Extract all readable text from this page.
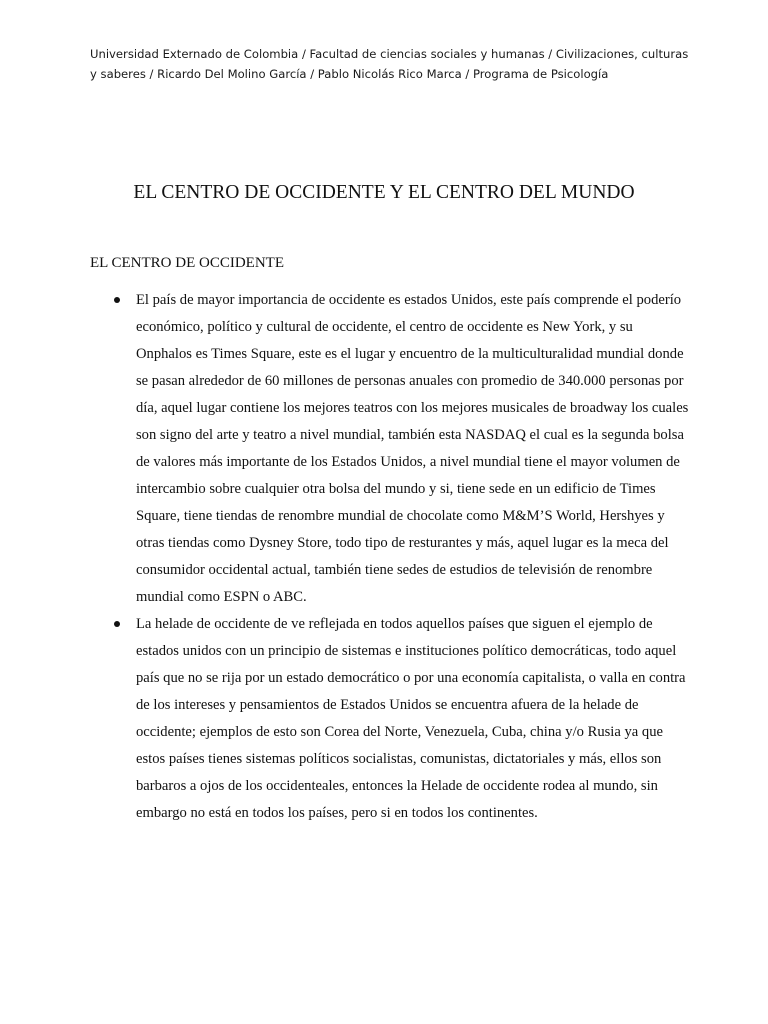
Universidad Externado de Colombia / Facultad de ciencias sociales y humanas / Civilizaciones, culturas y saberes / Ricardo Del Molino García / Pablo Nicolás Rico Marca / Programa de Psicología
EL CENTRO DE OCCIDENTE Y EL CENTRO DEL MUNDO
EL CENTRO DE OCCIDENTE
El país de mayor importancia de occidente es estados Unidos, este país comprende el poderío económico, político y cultural de occidente, el centro de occidente es New York, y su Onphalos es Times Square, este es el lugar y encuentro de la multiculturalidad mundial donde se pasan alrededor de 60 millones de personas anuales con promedio de 340.000 personas por día, aquel lugar contiene los mejores teatros con los mejores musicales de broadway los cuales son signo del arte y teatro a nivel mundial, también esta NASDAQ el cual es la segunda bolsa de valores más importante de los Estados Unidos, a nivel mundial tiene el mayor volumen de intercambio sobre cualquier otra bolsa del mundo y si, tiene sede en un edificio de Times Square, tiene tiendas de renombre mundial de chocolate como M&M’S World, Hershyes y otras tiendas como Dysney Store, todo tipo de resturantes y más, aquel lugar es la meca del consumidor occidental actual, también tiene sedes de estudios de televisión de renombre mundial como ESPN o ABC.
La helade de occidente de ve reflejada en todos aquellos países que siguen el ejemplo de estados unidos con un principio de sistemas e instituciones político democráticas, todo aquel país que no se rija por un estado democrático o por una economía capitalista, o valla en contra de los intereses y pensamientos de Estados Unidos se encuentra afuera de la helade de occidente; ejemplos de esto son Corea del Norte, Venezuela, Cuba, china y/o Rusia ya que estos países tienes sistemas políticos socialistas, comunistas, dictatoriales y más, ellos son barbaros a ojos de los occidenteales, entonces la Helade de occidente rodea al mundo, sin embargo no está en todos los países, pero si en todos los continentes.
